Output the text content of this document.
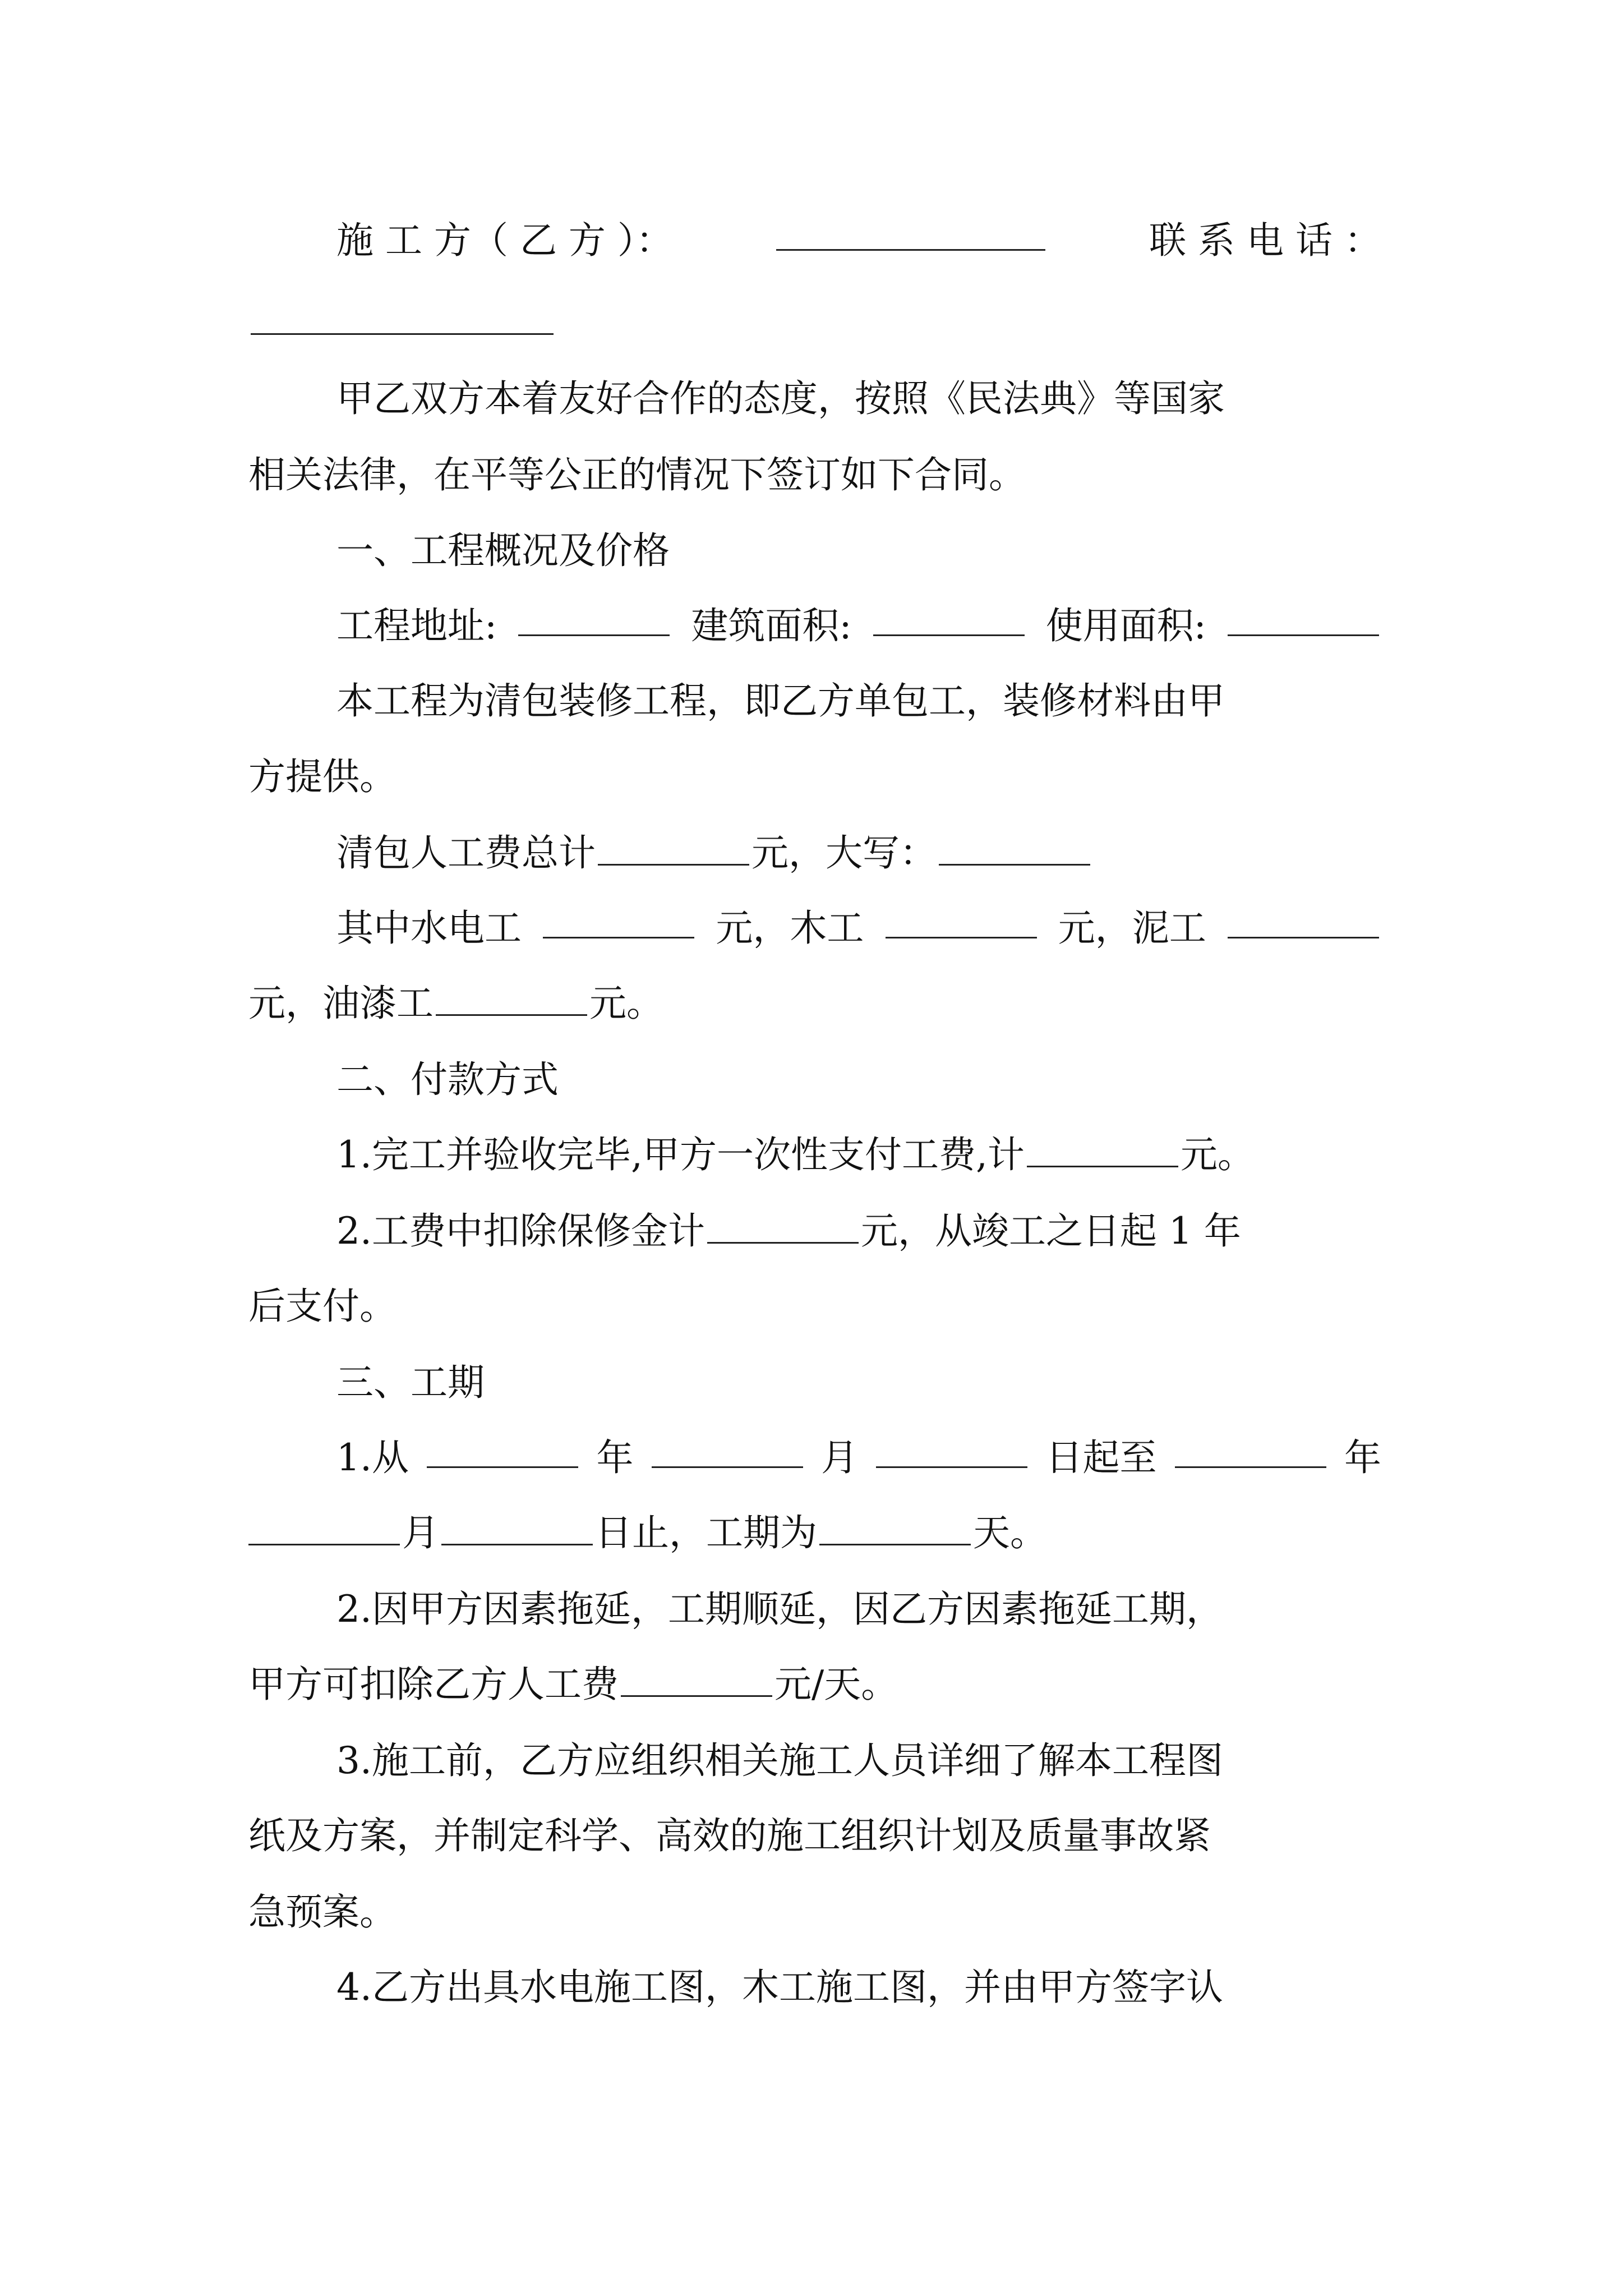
施 工 方（ 乙 方 ）：	联 系 电 话 ：
甲乙双方本着友好合作的态度，按照《民法典》等国家
相关法律，在平等公正的情况下签订如下合同。
一、工程概况及价格
工程地址:	建筑面积:	使用面积:
本工程为清包装修工程，即乙方单包工，装修材料由甲
方提供。
清包人工费总计	元，大写：
其中水电工	元，木工	元，泥工
元，油漆工	元。
二、付款方式
1.完工并验收完毕,甲方一次性支付工费,计	元。
2.工费中扣除保修金计	元，从竣工之日起 1 年
后支付。
三、工期
1.从	年	月	日起至	年
月	日止，工期为	天。
2.因甲方因素拖延，工期顺延，因乙方因素拖延工期，
甲方可扣除乙方人工费	元/天。
3.施工前，乙方应组织相关施工人员详细了解本工程图
纸及方案，并制定科学、高效的施工组织计划及质量事故紧
急预案。
4.乙方出具水电施工图，木工施工图，并由甲方签字认
